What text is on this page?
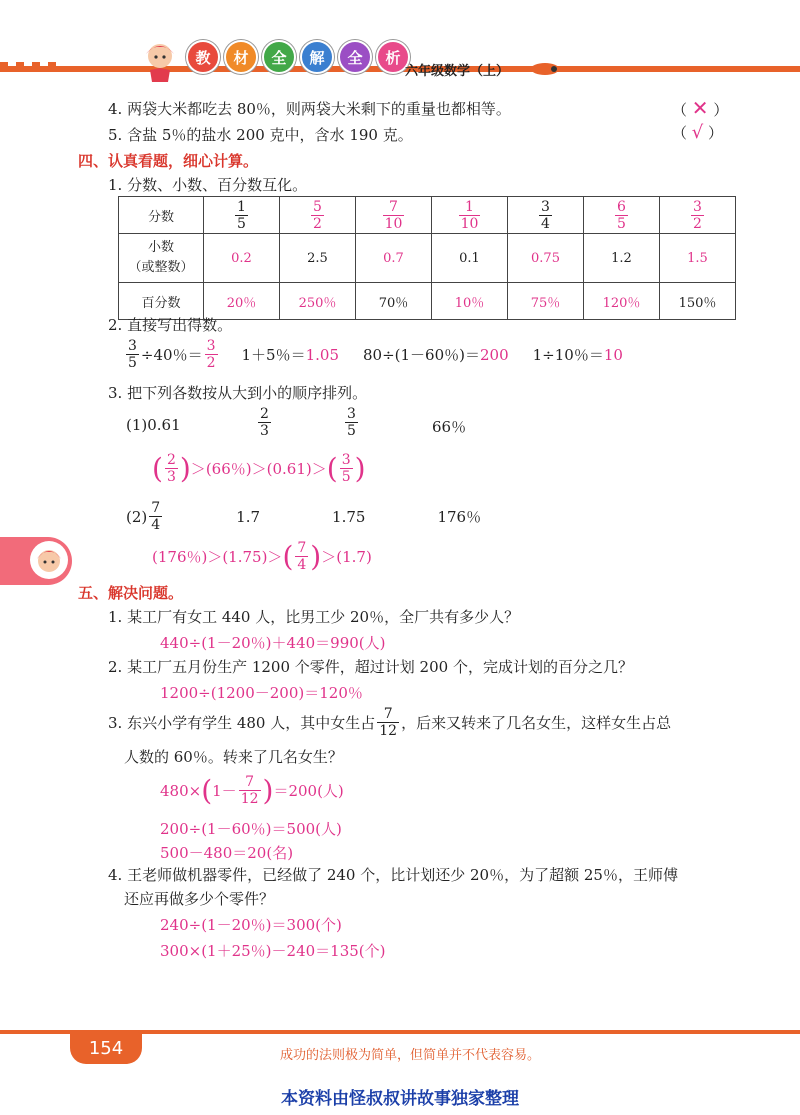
教	材	全	解	全	析
六年级数学（上）
4. 两袋大米都吃去 80％，则两袋大米剩下的重量也都相等。	（ ✕ ）
5. 含盐 5％的盐水 200 克中，含水 190 克。	（ √ ）
四、认真看题，细心计算。
1. 分数、小数、百分数互化。
分数	$\frac{1}{5}$	$\frac{5}{2}$	$\frac{7}{10}$	$\frac{1}{10}$	$\frac{3}{4}$	$\frac{6}{5}$	$\frac{3}{2}$

小数
（或整数）	0.2	2.5	0.7	0.1	0.75	1.2	1.5
百分数	20％	250％	70％	10％	75％	120％	150％
2. 直接写出得数。
$\frac{3}{5} \div 40$％＝ $\frac{3}{2} 1+5$％＝ 1.05 80÷(1－60％)＝ 200 1÷10％＝ 10
3. 把下列各数按从大到小的顺序排列。
(1)0.61	$\frac{2}{3}$	$\frac{3}{5}$	66％
( $\frac{2}{3}$ ) ＞ (66％) ＞ (0.61) ＞ ( $\frac{3}{5}$ )
$(2) \frac{7}{4}$	1.7	1.75	176％
(176％)＞(1.75)＞ ( $\frac{7}{4}$ ) ＞(1.7)
五、解决问题。
1. 某工厂有女工 440 人，比男工少 20％，全厂共有多少人？
440÷(1－20％)＋440＝990(人)
2. 某工厂五月份生产 1200 个零件，超过计划 200 个，完成计划的百分之几？
1200÷(1200－200)＝120％
3. 东兴小学有学生 480 人，其中女生占 $\frac{7}{12}$ ，后来又转来了几名女生，这样女生占总
人数的 60％。转来了几名女生？
480× ( $1- \frac{7}{12}$ ) ＝200(人)
200÷(1－60％)＝500(人)
500－480＝20(名)
4. 王老师做机器零件，已经做了 240 个，比计划还少 20％，为了超额 25％，王师傅
还应再做多少个零件？
240÷(1－20％)＝300(个)
300×(1＋25％)－240＝135(个)
154	成功的法则极为简单，但简单并不代表容易。
本资料由怪叔叔讲故事独家整理
